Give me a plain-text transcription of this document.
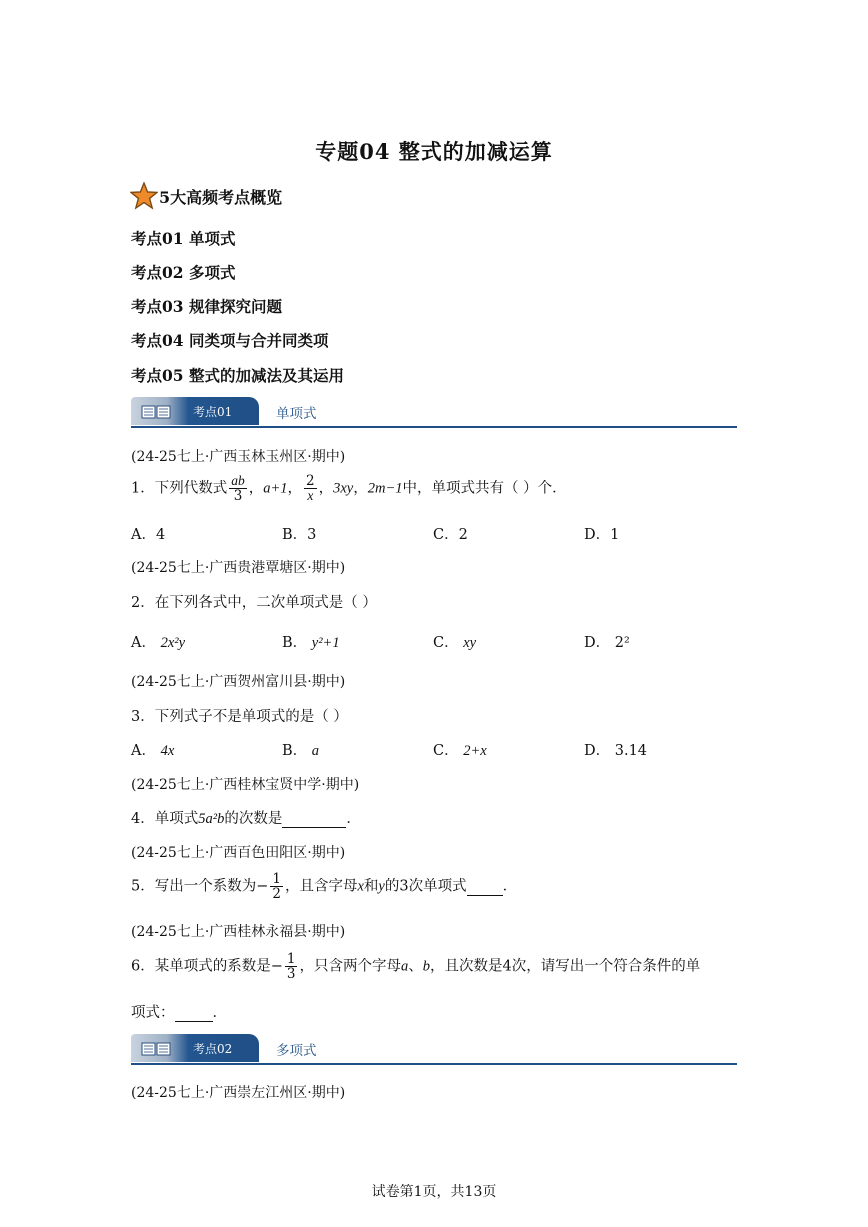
专题04 整式的加减运算
5大高频考点概览
考点01 单项式
考点02 多项式
考点03 规律探究问题
考点04 同类项与合并同类项
考点05 整式的加减法及其运用
考点01	单项式
(24-25七上·广西玉林玉州区·期中)
1．下列代数式 $\frac{ab}{3}$ ，a+1， $\frac{2}{x}$ ，3xy，2m−1中，单项式共有（ ）个．
A．4	B．3	C．2	D．1
(24-25七上·广西贵港覃塘区·期中)
2．在下列各式中，二次单项式是（ ）
A． 2x²y	B． y²+1	C． xy	D． 2²
(24-25七上·广西贺州富川县·期中)
3．下列式子不是单项式的是（ ）
A． 4x	B． a	C． 2+x	D． 3.14
(24-25七上·广西桂林宝贤中学·期中)
4．单项式5a²b的次数是	．
(24-25七上·广西百色田阳区·期中)
5．写出一个系数为− $\frac{1}{2}$ ，且含字母x和y的3次单项式 ．
(24-25七上·广西桂林永福县·期中)
6．某单项式的系数是− $\frac{1}{3}$ ，只含两个字母a、b，且次数是4次，请写出一个符合条件的单
项式：	．
考点02	多项式
(24-25七上·广西崇左江州区·期中)
试卷第1页，共13页
